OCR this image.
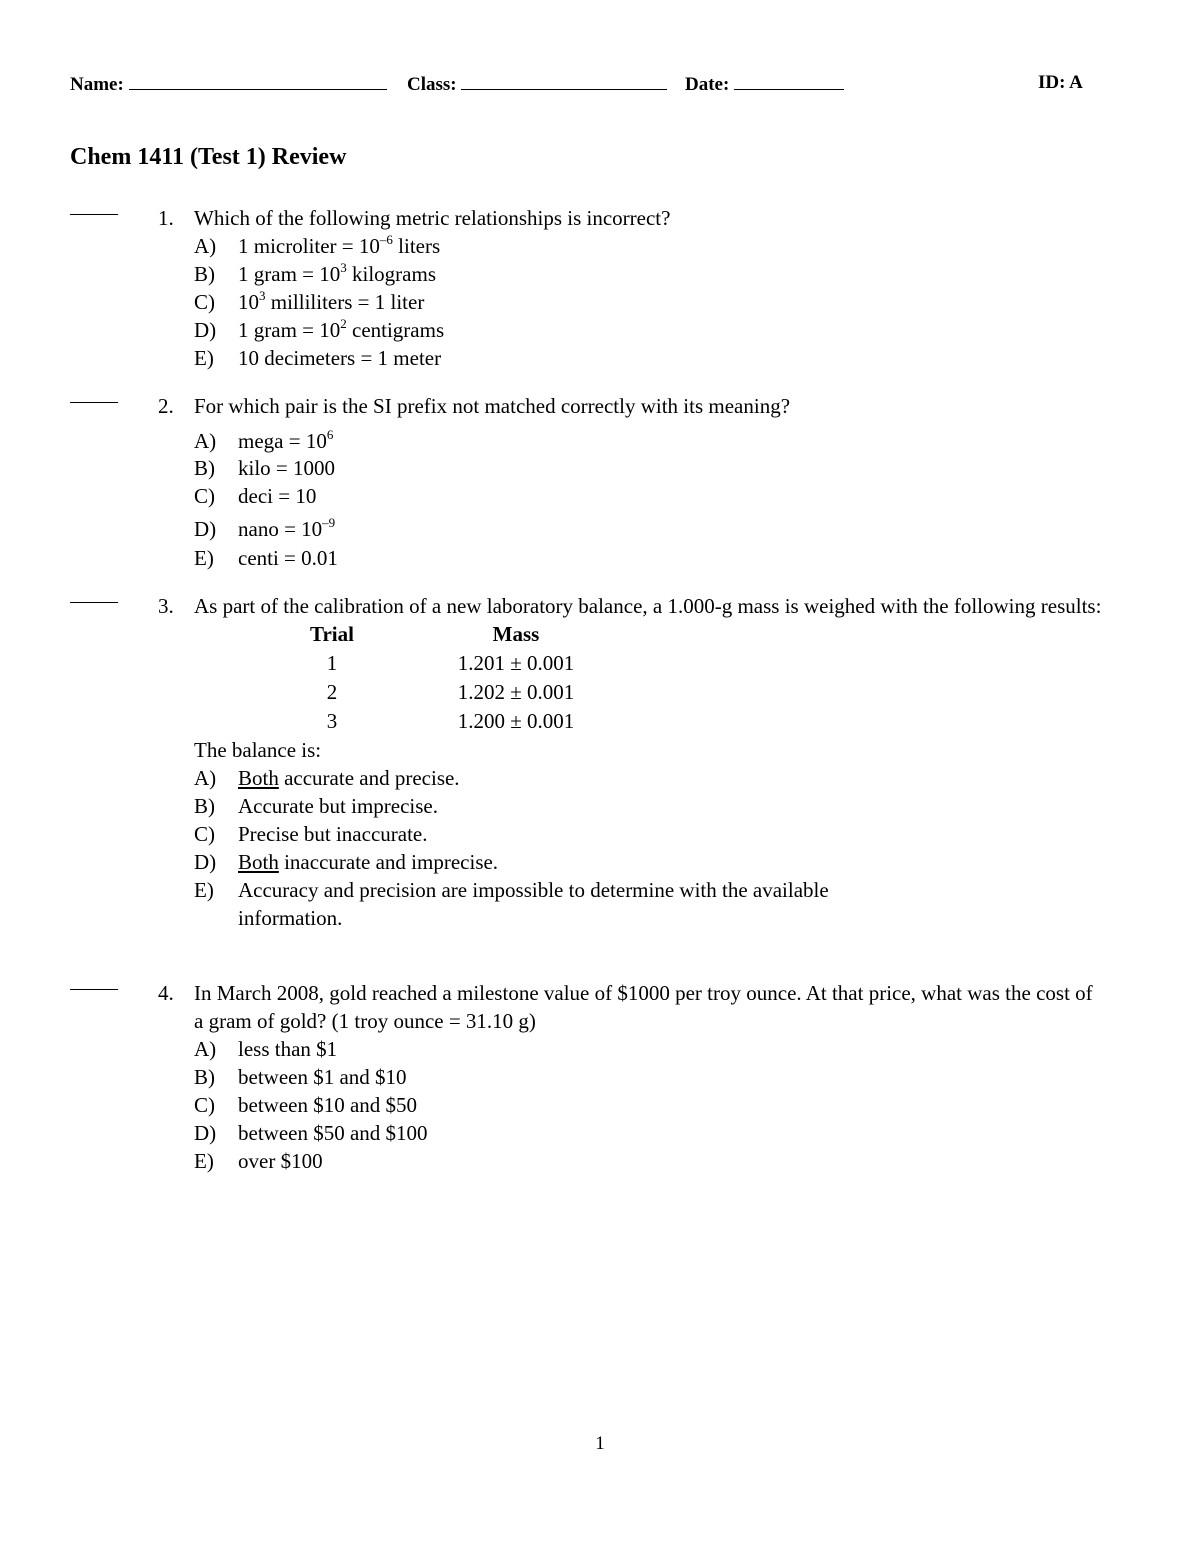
Name:	Class:	Date:	ID: A
Chem 1411 (Test 1) Review
1. Which of the following metric relationships is incorrect?
A) 1 microliter = $10^{-6}$ liters
B) 1 gram = $10^3$ kilograms
C) $10^3$ milliliters = 1 liter
D) 1 gram = $10^2$ centigrams
E) 10 decimeters = 1 meter
2. For which pair is the SI prefix not matched correctly with its meaning?
A) mega = $10^6$
B) kilo = 1000
C) deci = 10
D) nano = $10^{-9}$
E) centi = 0.01
3. As part of the calibration of a new laboratory balance, a 1.000-g mass is weighed with the following results:
Trial	Mass
1	1.201 ± 0.001
2	1.202 ± 0.001
3	1.200 ± 0.001
The balance is:
A) Both accurate and precise.
B) Accurate but imprecise.
C) Precise but inaccurate.
D) Both inaccurate and imprecise.
E) Accuracy and precision are impossible to determine with the available information.
4. In March 2008, gold reached a milestone value of $1000 per troy ounce. At that price, what was the cost of a gram of gold? (1 troy ounce = 31.10 g)
A) less than $1
B) between $1 and $10
C) between $10 and $50
D) between $50 and $100
E) over $100
1
